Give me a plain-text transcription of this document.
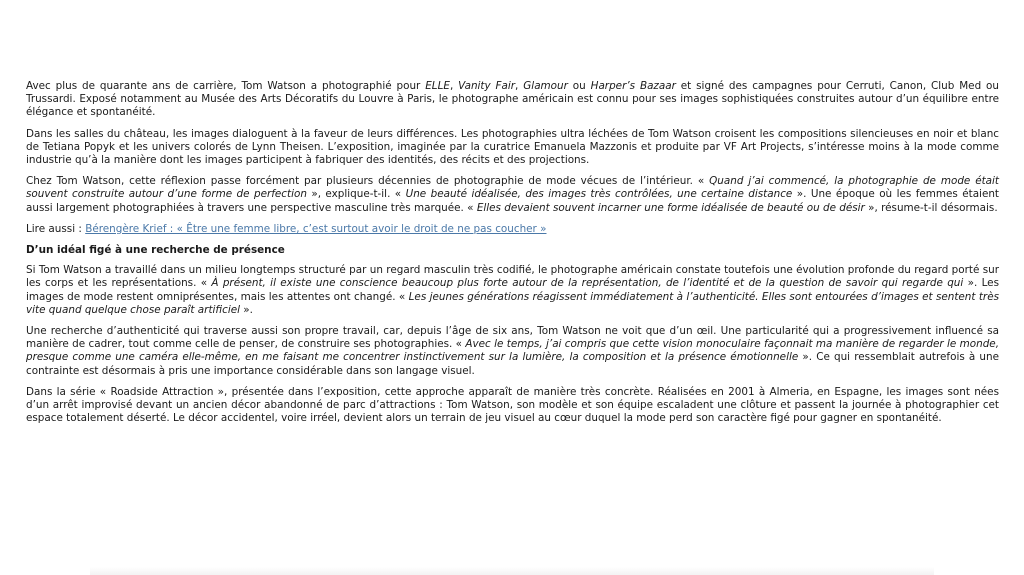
Avec plus de quarante ans de carrière, Tom Watson a photographié pour ELLE, Vanity Fair, Glamour ou Harper’s Bazaar et signé des campagnes pour Cerruti, Canon, Club Med ou Trussardi. Exposé notamment au Musée des Arts Décoratifs du Louvre à Paris, le photographe américain est connu pour ses images sophistiquées construites autour d’un équilibre entre élégance et spontanéité.

Dans les salles du château, les images dialoguent à la faveur de leurs différences. Les photographies ultra léchées de Tom Watson croisent les compositions silencieuses en noir et blanc de Tetiana Popyk et les univers colorés de Lynn Theisen. L’exposition, imaginée par la curatrice Emanuela Mazzonis et produite par VF Art Projects, s’intéresse moins à la mode comme industrie qu’à la manière dont les images participent à fabriquer des identités, des récits et des projections.

Chez Tom Watson, cette réflexion passe forcément par plusieurs décennies de photographie de mode vécues de l’intérieur. « Quand j’ai commencé, la photographie de mode était souvent construite autour d’une forme de perfection », explique-t-il. « Une beauté idéalisée, des images très contrôlées, une certaine distance ». Une époque où les femmes étaient aussi largement photographiées à travers une perspective masculine très marquée. « Elles devaient souvent incarner une forme idéalisée de beauté ou de désir », résume-t-il désormais.

Lire aussi : Bérengère Krief : « Être une femme libre, c’est surtout avoir le droit de ne pas coucher »

D’un idéal figé à une recherche de présence

Si Tom Watson a travaillé dans un milieu longtemps structuré par un regard masculin très codifié, le photographe américain constate toutefois une évolution profonde du regard porté sur les corps et les représentations. « À présent, il existe une conscience beaucoup plus forte autour de la représentation, de l’identité et de la question de savoir qui regarde qui ». Les images de mode restent omniprésentes, mais les attentes ont changé. « Les jeunes générations réagissent immédiatement à l’authenticité. Elles sont entourées d’images et sentent très vite quand quelque chose paraît artificiel ».

Une recherche d’authenticité qui traverse aussi son propre travail, car, depuis l’âge de six ans, Tom Watson ne voit que d’un œil. Une particularité qui a progressivement influencé sa manière de cadrer, tout comme celle de penser, de construire ses photographies. « Avec le temps, j’ai compris que cette vision monoculaire façonnait ma manière de regarder le monde, presque comme une caméra elle-même, en me faisant me concentrer instinctivement sur la lumière, la composition et la présence émotionnelle ». Ce qui ressemblait autrefois à une contrainte est désormais à pris une importance considérable dans son langage visuel.

Dans la série « Roadside Attraction », présentée dans l’exposition, cette approche apparaît de manière très concrète. Réalisées en 2001 à Almeria, en Espagne, les images sont nées d’un arrêt improvisé devant un ancien décor abandonné de parc d’attractions : Tom Watson, son modèle et son équipe escaladent une clôture et passent la journée à photographier cet espace totalement déserté. Le décor accidentel, voire irréel, devient alors un terrain de jeu visuel au cœur duquel la mode perd son caractère figé pour gagner en spontanéité.
